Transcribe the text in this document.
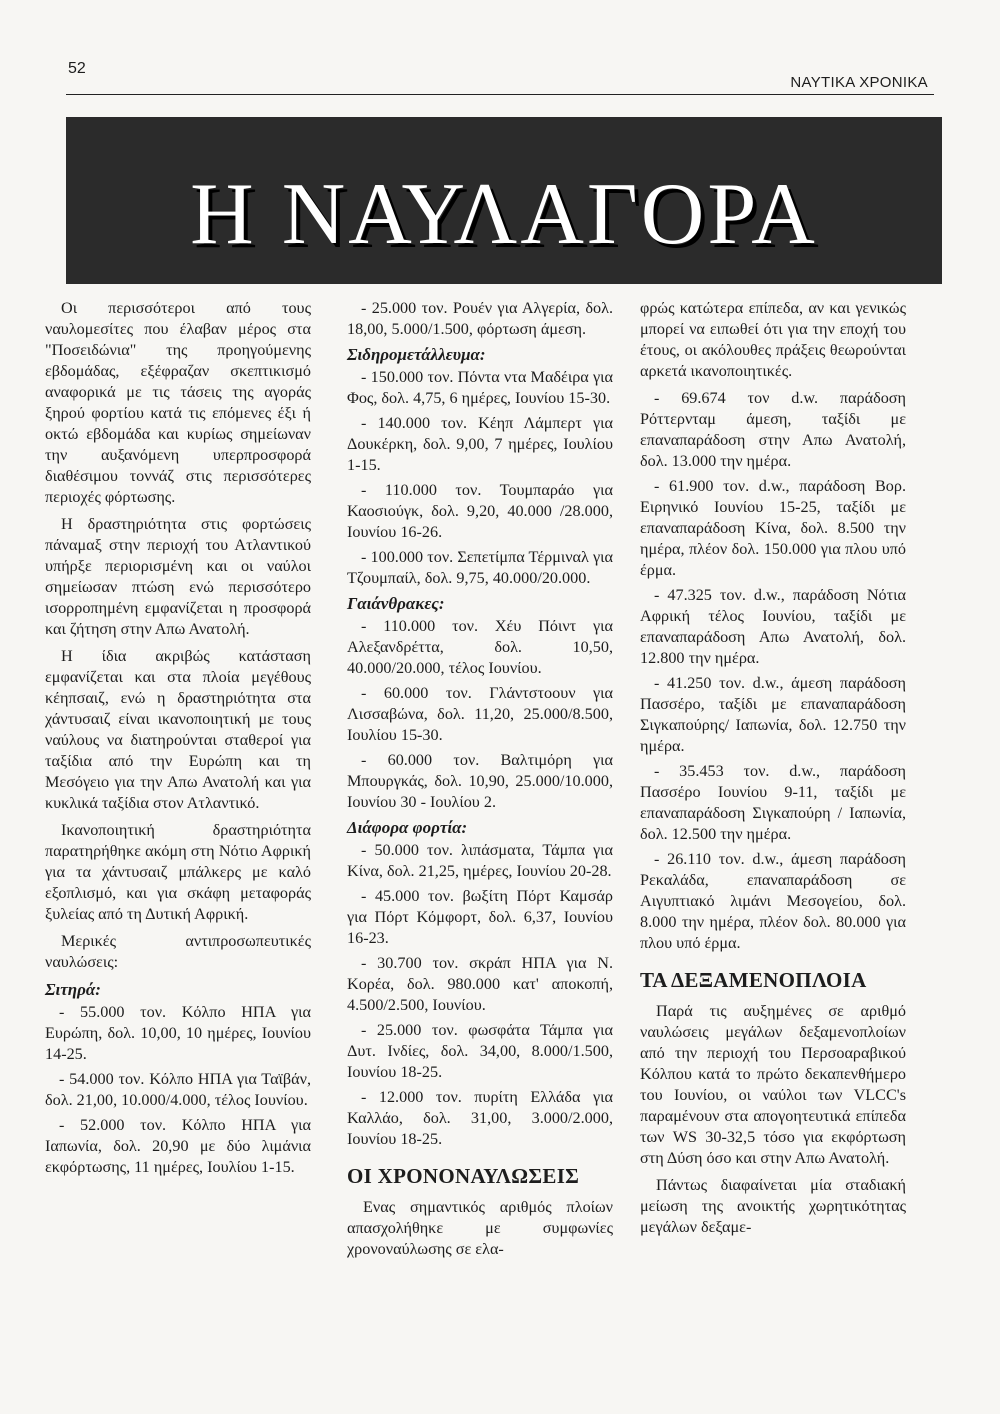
52
ΝΑΥΤΙΚΑ ΧΡΟΝΙΚΑ
Η ΝΑΥΛΑΓΟΡΑ

Οι περισσότεροι από τους ναυλομεσίτες που έλαβαν μέρος στα "Ποσειδώνια" της προηγούμενης εβδομάδας, εξέφραζαν σκεπτικισμό αναφορικά με τις τάσεις της αγοράς ξηρού φορτίου κατά τις επόμενες έξι ή οκτώ εβδομάδα και κυρίως σημείωναν την αυξανόμενη υπερπροσφορά διαθέσιμου τοννάζ στις περισσότερες περιοχές φόρτωσης.

Η δραστηριότητα στις φορτώσεις πάναμαξ στην περιοχή του Ατλαντικού υπήρξε περιορισμένη και οι ναύλοι σημείωσαν πτώση ενώ περισσότερο ισορροπημένη εμφανίζεται η προσφορά και ζήτηση στην Απω Ανατολή.

Η ίδια ακριβώς κατάσταση εμφανίζεται και στα πλοία μεγέθους κέηπσαιζ, ενώ η δραστηριότητα στα χάντυσαιζ είναι ικανοποιητική με τους ναύλους να διατηρούνται σταθεροί για ταξίδια από την Ευρώπη και τη Μεσόγειο για την Απω Ανατολή και για κυκλικά ταξίδια στον Ατλαντικό.

Ικανοποιητική δραστηριότητα παρατηρήθηκε ακόμη στη Νότιο Αφρική για τα χάντυσαιζ μπάλκερς με καλό εξοπλισμό, και για σκάφη μεταφοράς ξυλείας από τη Δυτική Αφρική.

Μερικές αντιπροσωπευτικές ναυλώσεις:

Σιτηρά:

- 55.000 τον. Κόλπο ΗΠΑ για Ευρώπη, δολ. 10,00, 10 ημέρες, Ιουνίου 14-25.

- 54.000 τον. Κόλπο ΗΠΑ για Ταϊβάν, δολ. 21,00, 10.000/4.000, τέλος Ιουνίου.

- 52.000 τον. Κόλπο ΗΠΑ για Ιαπωνία, δολ. 20,90 με δύο λιμάνια εκφόρτωσης, 11 ημέρες, Ιουλίου 1-15.

- 25.000 τον. Ρουέν για Αλγερία, δολ. 18,00, 5.000/1.500, φόρτωση άμεση.

Σιδηρομετάλλευμα:

- 150.000 τον. Πόντα ντα Μαδέιρα για Φος, δολ. 4,75, 6 ημέρες, Ιουνίου 15-30.

- 140.000 τον. Κέηπ Λάμπερτ για Δουκέρκη, δολ. 9,00, 7 ημέρες, Ιουλίου 1-15.

- 110.000 τον. Τουμπαράο για Καοσιούγκ, δολ. 9,20, 40.000 /28.000, Ιουνίου 16-26.

- 100.000 τον. Σεπετίμπα Τέρμιναλ για Τζουμπαίλ, δολ. 9,75, 40.000/20.000.

Γαιάνθρακες:

- 110.000 τον. Χέυ Πόιντ για Αλεξανδρέττα, δολ. 10,50, 40.000/20.000, τέλος Ιουνίου.

- 60.000 τον. Γλάντστοουν για Λισσαβώνα, δολ. 11,20, 25.000/8.500, Ιουλίου 15-30.

- 60.000 τον. Βαλτιμόρη για Μπουργκάς, δολ. 10,90, 25.000/10.000, Ιουνίου 30 - Ιουλίου 2.

Διάφορα φορτία:

- 50.000 τον. λιπάσματα, Τάμπα για Κίνα, δολ. 21,25, ημέρες, Ιουνίου 20-28.

- 45.000 τον. βωξίτη Πόρτ Καμσάρ για Πόρτ Κόμφορτ, δολ. 6,37, Ιουνίου 16-23.

- 30.700 τον. σκράπ ΗΠΑ για Ν. Κορέα, δολ. 980.000 κατ' αποκοπή, 4.500/2.500, Ιουνίου.

- 25.000 τον. φωσφάτα Τάμπα για Δυτ. Ινδίες, δολ. 34,00, 8.000/1.500, Ιουνίου 18-25.

- 12.000 τον. πυρίτη Ελλάδα για Καλλάο, δολ. 31,00, 3.000/2.000, Ιουνίου 18-25.

ΟΙ ΧΡΟΝΟΝΑΥΛΩΣΕΙΣ

Ενας σημαντικός αριθμός πλοίων απασχολήθηκε με συμφωνίες χρονοναύλωσης σε ελα-

φρώς κατώτερα επίπεδα, αν και γενικώς μπορεί να ειπωθεί ότι για την εποχή του έτους, οι ακόλουθες πράξεις θεωρούνται αρκετά ικανοποιητικές.

- 69.674 τον d.w. παράδοση Ρόττερνταμ άμεση, ταξίδι με επαναπαράδοση στην Απω Ανατολή, δολ. 13.000 την ημέρα.

- 61.900 τον. d.w., παράδοση Βορ. Ειρηνικό Ιουνίου 15-25, ταξίδι με επαναπαράδοση Κίνα, δολ. 8.500 την ημέρα, πλέον δολ. 150.000 για πλου υπό έρμα.

- 47.325 τον. d.w., παράδοση Νότια Αφρική τέλος Ιουνίου, ταξίδι με επαναπαράδοση Απω Ανατολή, δολ. 12.800 την ημέρα.

- 41.250 τον. d.w., άμεση παράδοση Πασσέρο, ταξίδι με επαναπαράδοση Σιγκαπούρης/ Ιαπωνία, δολ. 12.750 την ημέρα.

- 35.453 τον. d.w., παράδοση Πασσέρο Ιουνίου 9-11, ταξίδι με επαναπαράδοση Σιγκαπούρη / Ιαπωνία, δολ. 12.500 την ημέρα.

- 26.110 τον. d.w., άμεση παράδοση Ρεκαλάδα, επαναπαράδοση σε Αιγυπτιακό λιμάνι Μεσογείου, δολ. 8.000 την ημέρα, πλέον δολ. 80.000 για πλου υπό έρμα.

ΤΑ ΔΕΞΑΜΕΝΟΠΛΟΙΑ

Παρά τις αυξημένες σε αριθμό ναυλώσεις μεγάλων δεξαμενοπλοίων από την περιοχή του Περσοαραβικού Κόλπου κατά το πρώτο δεκαπενθήμερο του Ιουνίου, οι ναύλοι των VLCC's παραμένουν στα απογοητευτικά επίπεδα των WS 30-32,5 τόσο για εκφόρτωση στη Δύση όσο και στην Απω Ανατολή.

Πάντως διαφαίνεται μία σταδιακή μείωση της ανοικτής χωρητικότητας μεγάλων δεξαμε-
